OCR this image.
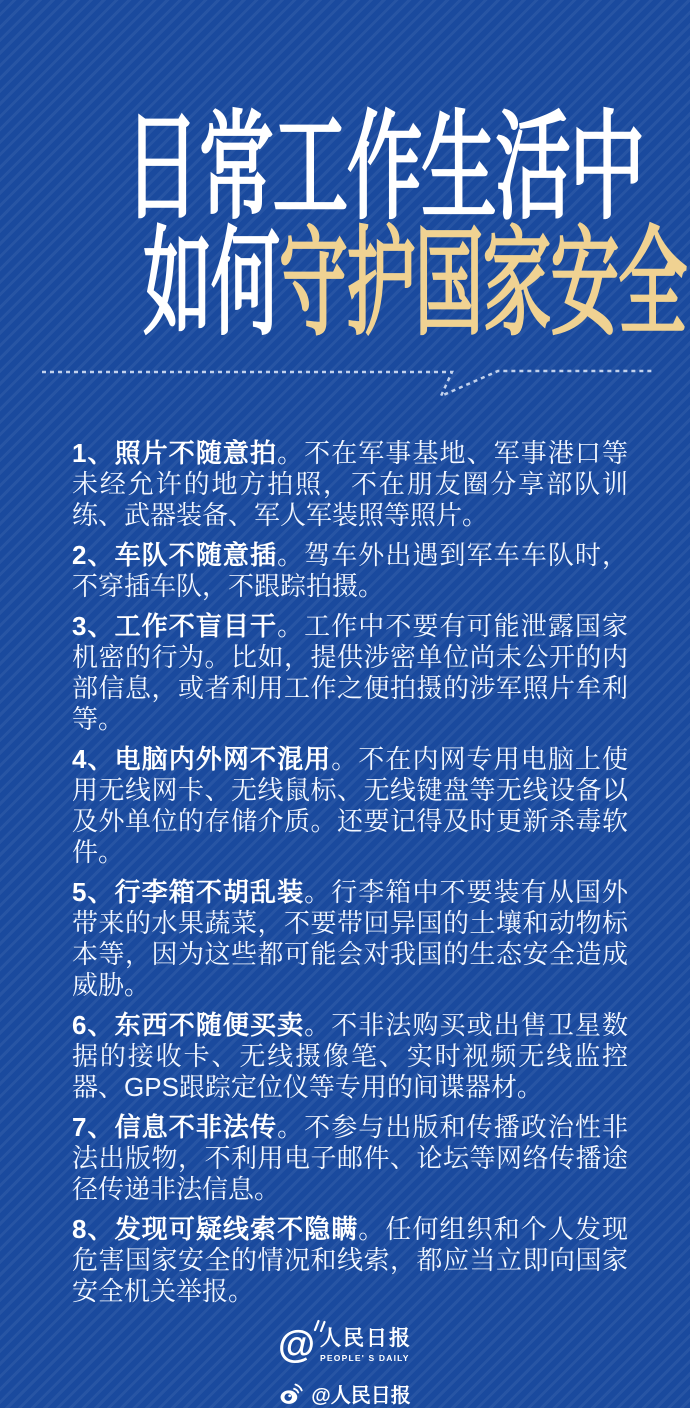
日常工作生活中
如何守护国家安全

1、照片不随意拍。不在军事基地、军事港口等未经允许的地方拍照，不在朋友圈分享部队训练、武器装备、军人军装照等照片。

2、车队不随意插。驾车外出遇到军车车队时，不穿插车队，不跟踪拍摄。

3、工作不盲目干。工作中不要有可能泄露国家机密的行为。比如，提供涉密单位尚未公开的内部信息，或者利用工作之便拍摄的涉军照片牟利等。

4、电脑内外网不混用。不在内网专用电脑上使用无线网卡、无线鼠标、无线键盘等无线设备以及外单位的存储介质。还要记得及时更新杀毒软件。

5、行李箱不胡乱装。行李箱中不要装有从国外带来的水果蔬菜，不要带回异国的土壤和动物标本等，因为这些都可能会对我国的生态安全造成威胁。

6、东西不随便买卖。不非法购买或出售卫星数据的接收卡、无线摄像笔、实时视频无线监控器、GPS跟踪定位仪等专用的间谍器材。

7、信息不非法传。不参与出版和传播政治性非法出版物，不利用电子邮件、论坛等网络传播途径传递非法信息。

8、发现可疑线索不隐瞒。任何组织和个人发现危害国家安全的情况和线索，都应当立即向国家安全机关举报。

@ 人民日报
PEOPLE' S DAILY
@人民日报
